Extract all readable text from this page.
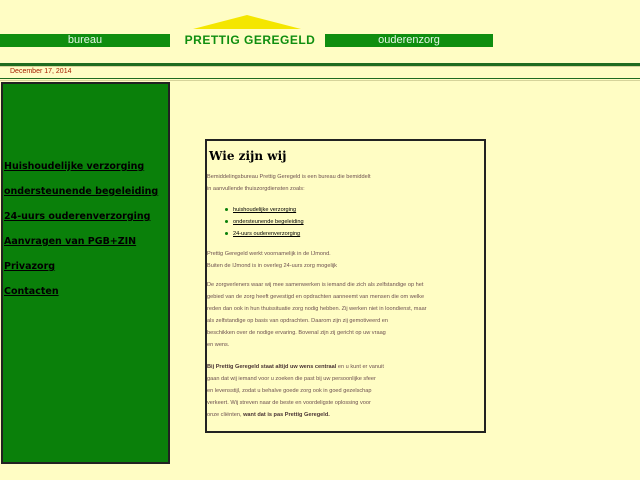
bureau	PRETTIG GEREGELD	ouderenzorg
December 17, 2014
Huishoudelijke verzorging
ondersteunende begeleiding
24-uurs ouderenverzorging
Aanvragen van PGB+ZIN
Privazorg
Contacten
Wie zijn wij
Bemiddelingsbureau Prettig Geregeld is een bureau die bemiddelt
in aanvullende thuiszorgdiensten zoals:
huishoudelijke verzorging
ondersteunende begeleiding
24-uurs ouderenverzorging
Prettig Geregeld werkt voornamelijk in de IJmond.
Buiten de IJmond is in overleg 24-uurs zorg mogelijk
De zorgverleners waar wij mee samenwerken is iemand die zich als zelfstandige op het
gebied van de zorg heeft gevestigd en opdrachten aanneemt van mensen die om welke
reden dan ook in hun thuissituatie zorg nodig hebben. Zij werken niet in loondienst, maar
als zelfstandige op basis van opdrachten. Daarom zijn zij gemotiveerd en
beschikken over de nodige ervaring. Bovenal zijn zij gericht op uw vraag
en wens.
Bij Prettig Geregeld staat altijd uw wens centraal en u kunt er vanuit
gaan dat wij iemand voor u zoeken die past bij uw persoonlijke sfeer
en levensstijl, zodat u behalve goede zorg ook in goed gezelschap
verkeert. Wij streven naar de beste en voordeligste oplossing voor
onze cliënten, want dat is pas Prettig Geregeld.
